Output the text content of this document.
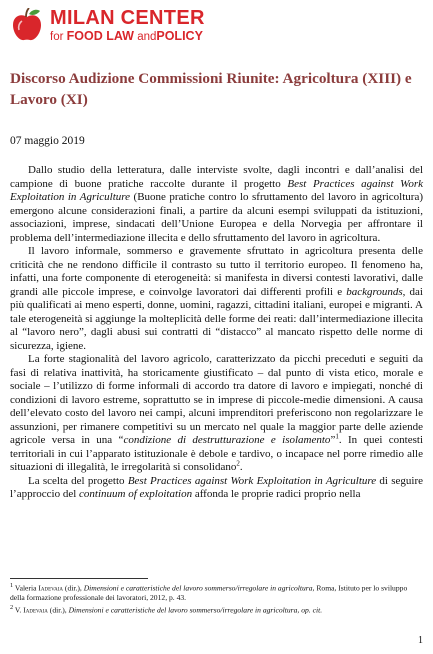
MILAN CENTER
for FOOD LAW andPOLICY
Discorso Audizione Commissioni Riunite: Agricoltura (XIII) e Lavoro (XI)
07 maggio 2019

Dallo studio della letteratura, dalle interviste svolte, dagli incontri e dall’analisi del campione di buone pratiche raccolte durante il progetto Best Practices against Work Exploitation in Agriculture (Buone pratiche contro lo sfruttamento del lavoro in agricoltura) emergono alcune considerazioni finali, a partire da alcuni esempi sviluppati da istituzioni, associazioni, imprese, sindacati dell’Unione Europea e della Norvegia per affrontare il problema dell’intermediazione illecita e dello sfruttamento del lavoro in agricoltura.

Il lavoro informale, sommerso e gravemente sfruttato in agricoltura presenta delle criticità che ne rendono difficile il contrasto su tutto il territorio europeo. Il fenomeno ha, infatti, una forte componente di eterogeneità: si manifesta in diversi contesti lavorativi, dalle grandi alle piccole imprese, e coinvolge lavoratori dai differenti profili e backgrounds, dai più qualificati ai meno esperti, donne, uomini, ragazzi, cittadini italiani, europei e migranti. A tale eterogeneità si aggiunge la molteplicità delle forme dei reati: dall’intermediazione illecita al “lavoro nero”, dagli abusi sui contratti di “distacco” al mancato rispetto delle norme di sicurezza, igiene.

La forte stagionalità del lavoro agricolo, caratterizzato da picchi preceduti e seguiti da fasi di relativa inattività, ha storicamente giustificato – dal punto di vista etico, morale e sociale – l’utilizzo di forme informali di accordo tra datore di lavoro e impiegati, nonché di condizioni di lavoro estreme, soprattutto se in imprese di piccole-medie dimensioni. A causa dell’elevato costo del lavoro nei campi, alcuni imprenditori preferiscono non regolarizzare le assunzioni, per rimanere competitivi su un mercato nel quale la maggior parte delle aziende agricole versa in una “condizione di destrutturazione e isolamento”$^1$. In quei contesti territoriali in cui l’apparato istituzionale è debole e tardivo, o incapace nel porre rimedio alle situazioni di illegalità, le irregolarità si consolidano$^2$.

La scelta del progetto Best Practices against Work Exploitation in Agriculture di seguire l’approccio del continuum of exploitation affonda le proprie radici proprio nella

$^1$ Valeria Iadevaia (dir.), Dimensioni e caratteristiche del lavoro sommerso/irregolare in agricoltura, Roma, Istituto per lo sviluppo della formazione professionale dei lavoratori, 2012, p. 43.

$^2$ V. Iadevaia (dir.), Dimensioni e caratteristiche del lavoro sommerso/irregolare in agricoltura, op. cit.

1
